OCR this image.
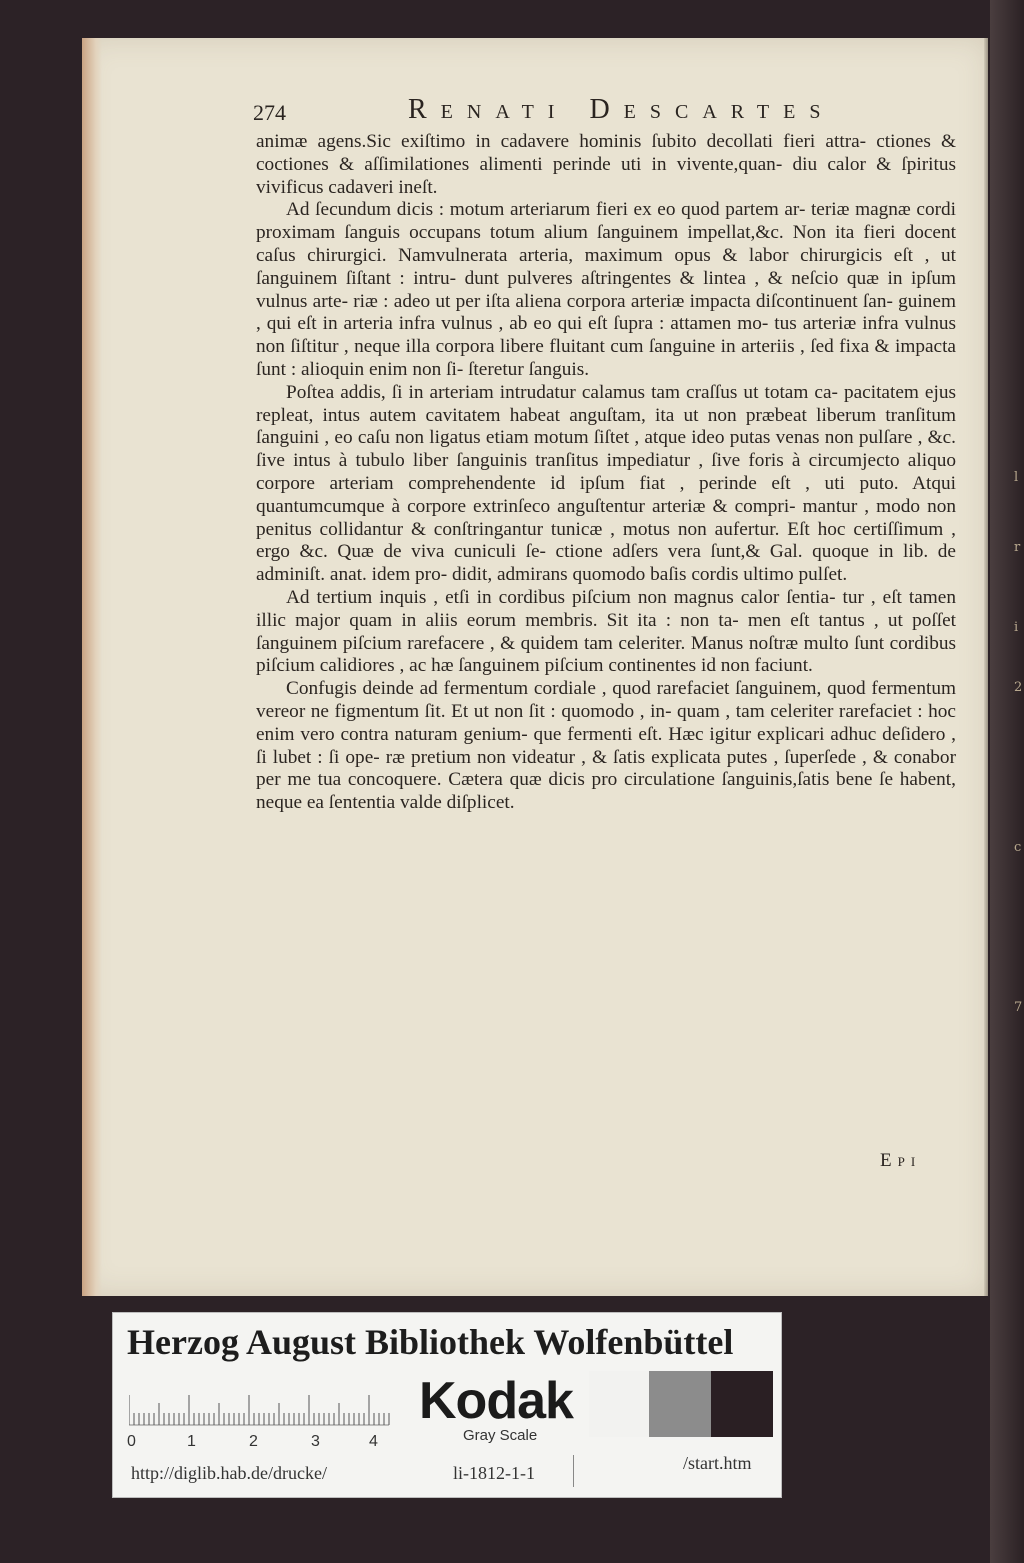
l
r
i
2
c
7
274	Renati Descartes

animæ agens.Sic exiſtimo in cadavere hominis ſubito decollati fieri attra- ctiones & coctiones & aſſimilationes alimenti perinde uti in vivente,quan- diu calor & ſpiritus vivificus cadaveri ineſt.

Ad ſecundum dicis : motum arteriarum fieri ex eo quod partem ar- teriæ magnæ cordi proximam ſanguis occupans totum alium ſanguinem impellat,&c. Non ita fieri docent caſus chirurgici. Namvulnerata arteria, maximum opus & labor chirurgicis eſt , ut ſanguinem ſiſtant : intru- dunt pulveres aſtringentes & lintea , & neſcio quæ in ipſum vulnus arte- riæ : adeo ut per iſta aliena corpora arteriæ impacta diſcontinuent ſan- guinem , qui eſt in arteria infra vulnus , ab eo qui eſt ſupra : attamen mo- tus arteriæ infra vulnus non ſiſtitur , neque illa corpora libere fluitant cum ſanguine in arteriis , ſed fixa & impacta ſunt : alioquin enim non ſi- ſteretur ſanguis.

Poſtea addis, ſi in arteriam intrudatur calamus tam craſſus ut totam ca- pacitatem ejus repleat, intus autem cavitatem habeat anguſtam, ita ut non præbeat liberum tranſitum ſanguini , eo caſu non ligatus etiam motum ſiſtet , atque ideo putas venas non pulſare , &c. ſive intus à tubulo liber ſanguinis tranſitus impediatur , ſive foris à circumjecto aliquo corpore arteriam comprehendente id ipſum fiat , perinde eſt , uti puto. Atqui quantumcumque à corpore extrinſeco anguſtentur arteriæ & compri- mantur , modo non penitus collidantur & conſtringantur tunicæ , motus non aufertur. Eſt hoc certiſſimum , ergo &c. Quæ de viva cuniculi ſe- ctione adſers vera ſunt,& Gal. quoque in lib. de adminiſt. anat. idem pro- didit, admirans quomodo baſis cordis ultimo pulſet.

Ad tertium inquis , etſi in cordibus piſcium non magnus calor ſentia- tur , eſt tamen illic major quam in aliis eorum membris. Sit ita : non ta- men eſt tantus , ut poſſet ſanguinem piſcium rarefacere , & quidem tam celeriter. Manus noſtræ multo ſunt cordibus piſcium calidiores , ac hæ ſanguinem piſcium continentes id non faciunt.

Confugis deinde ad fermentum cordiale , quod rarefaciet ſanguinem, quod fermentum vereor ne figmentum ſit. Et ut non ſit : quomodo , in- quam , tam celeriter rarefaciet : hoc enim vero contra naturam genium- que fermenti eſt. Hæc igitur explicari adhuc deſidero , ſi lubet : ſi ope- ræ pretium non videatur , & ſatis explicata putes , ſuperſede , & conabor per me tua concoquere. Cætera quæ dicis pro circulatione ſanguinis,ſatis bene ſe habent, neque ea ſententia valde diſplicet.

Epi
Herzog August Bibliothek Wolfenbüttel
0	1	2	3	4
Kodak
Gray Scale
http://diglib.hab.de/drucke/	li-1812-1-1	/start.htm
